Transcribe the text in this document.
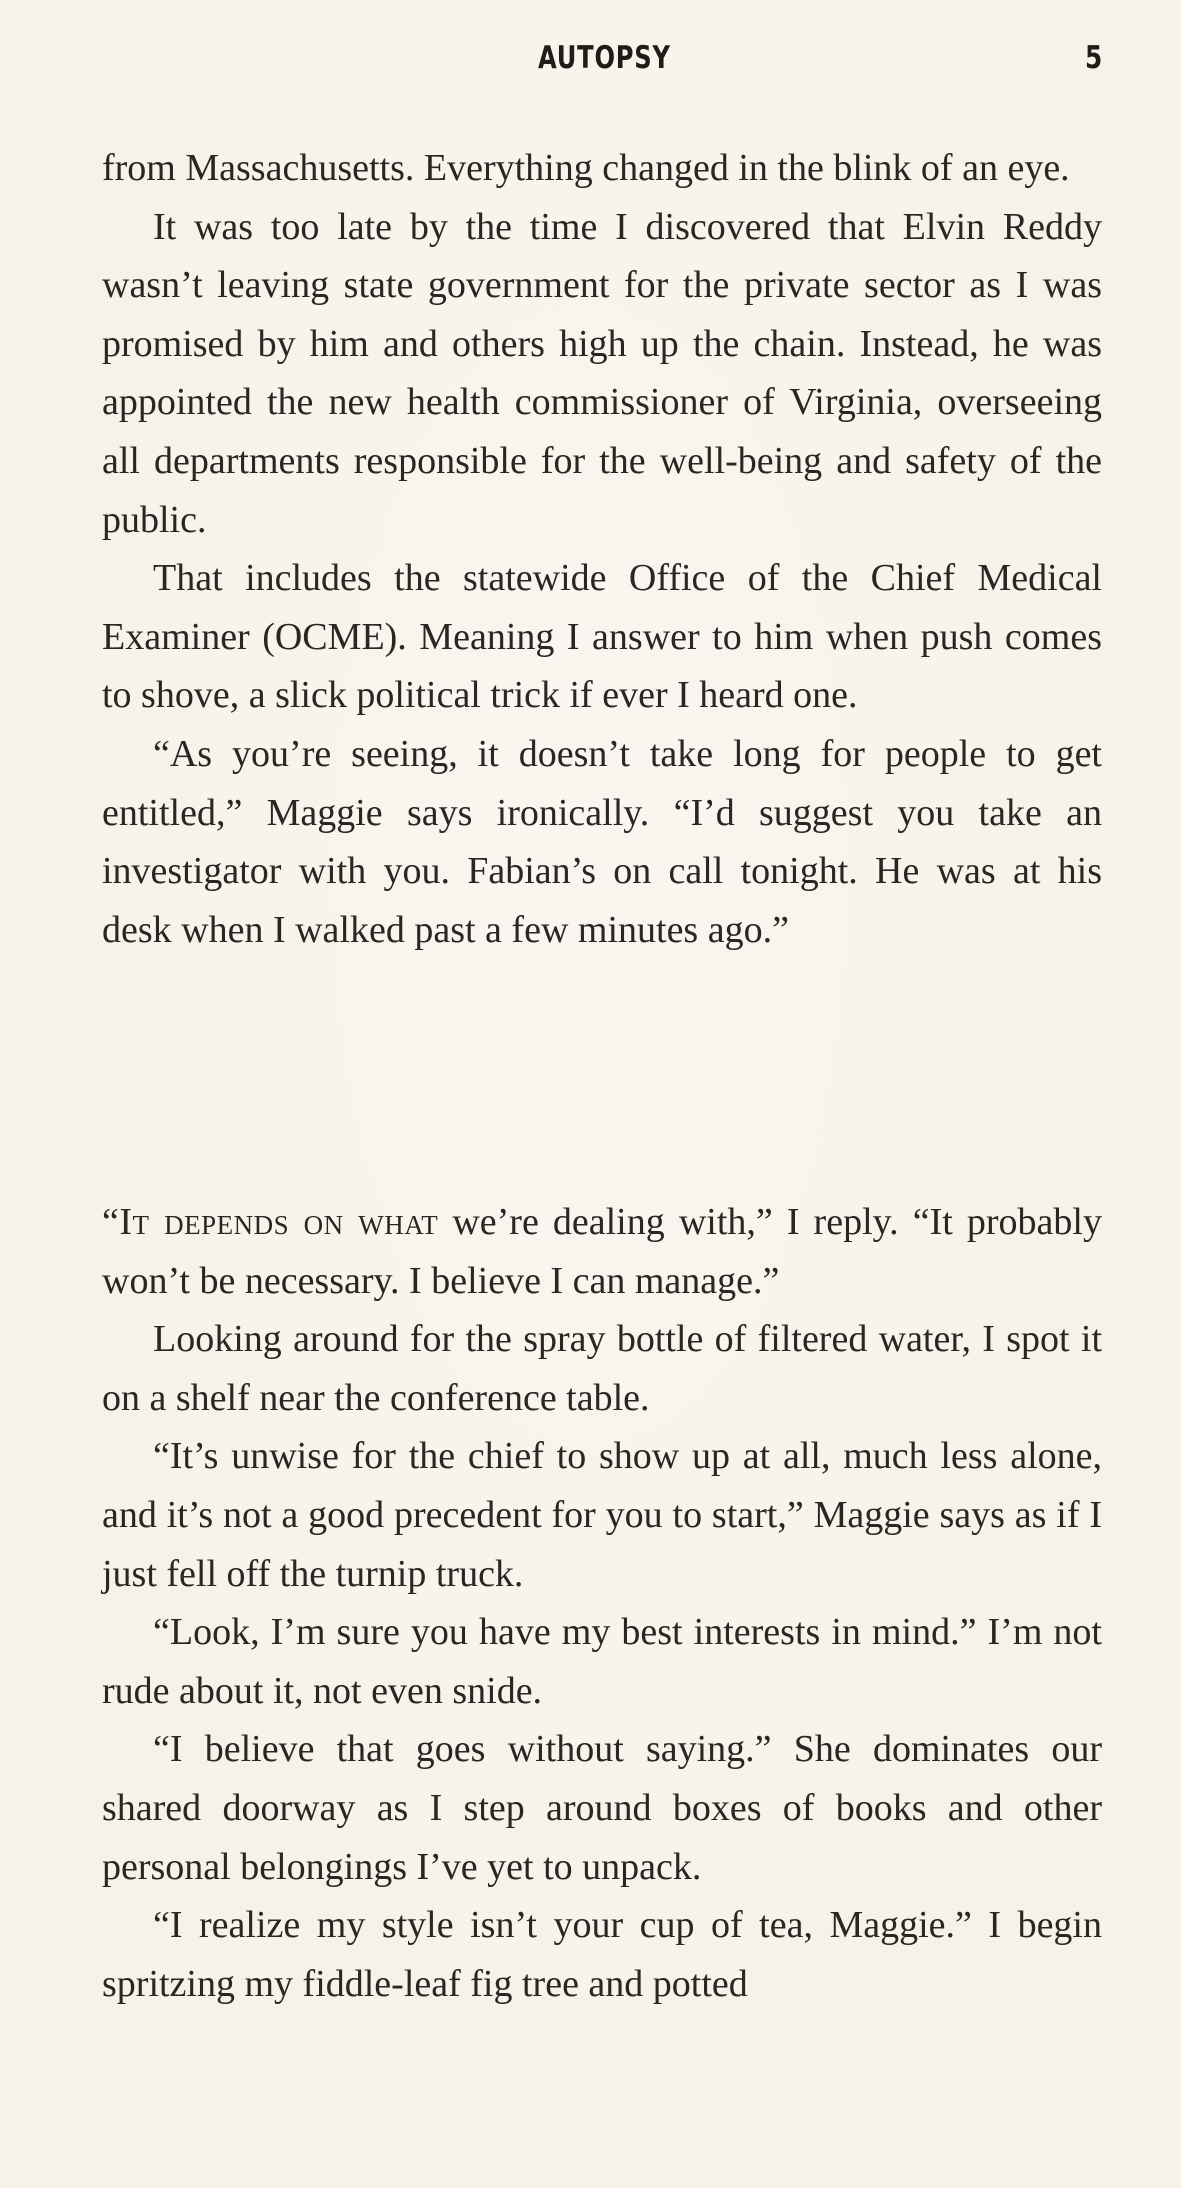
AUTOPSY	5

from Massachusetts. Everything changed in the blink of an eye.

It was too late by the time I discovered that Elvin Reddy wasn’t leaving state government for the private sector as I was promised by him and others high up the chain. Instead, he was appointed the new health commissioner of Virginia, overseeing all departments responsible for the well-being and safety of the public.

That includes the statewide Office of the Chief Medical Examiner (OCME). Meaning I answer to him when push comes to shove, a slick political trick if ever I heard one.

“As you’re seeing, it doesn’t take long for people to get entitled,” Maggie says ironically. “I’d suggest you take an investigator with you. Fabian’s on call tonight. He was at his desk when I walked past a few minutes ago.”

“It depends on what we’re dealing with,” I reply. “It probably won’t be necessary. I believe I can manage.”

Looking around for the spray bottle of filtered water, I spot it on a shelf near the conference table.

“It’s unwise for the chief to show up at all, much less alone, and it’s not a good precedent for you to start,” Maggie says as if I just fell off the turnip truck.

“Look, I’m sure you have my best interests in mind.” I’m not rude about it, not even snide.

“I believe that goes without saying.” She dominates our shared doorway as I step around boxes of books and other personal belongings I’ve yet to unpack.

“I realize my style isn’t your cup of tea, Maggie.” I begin spritzing my fiddle-leaf fig tree and potted
